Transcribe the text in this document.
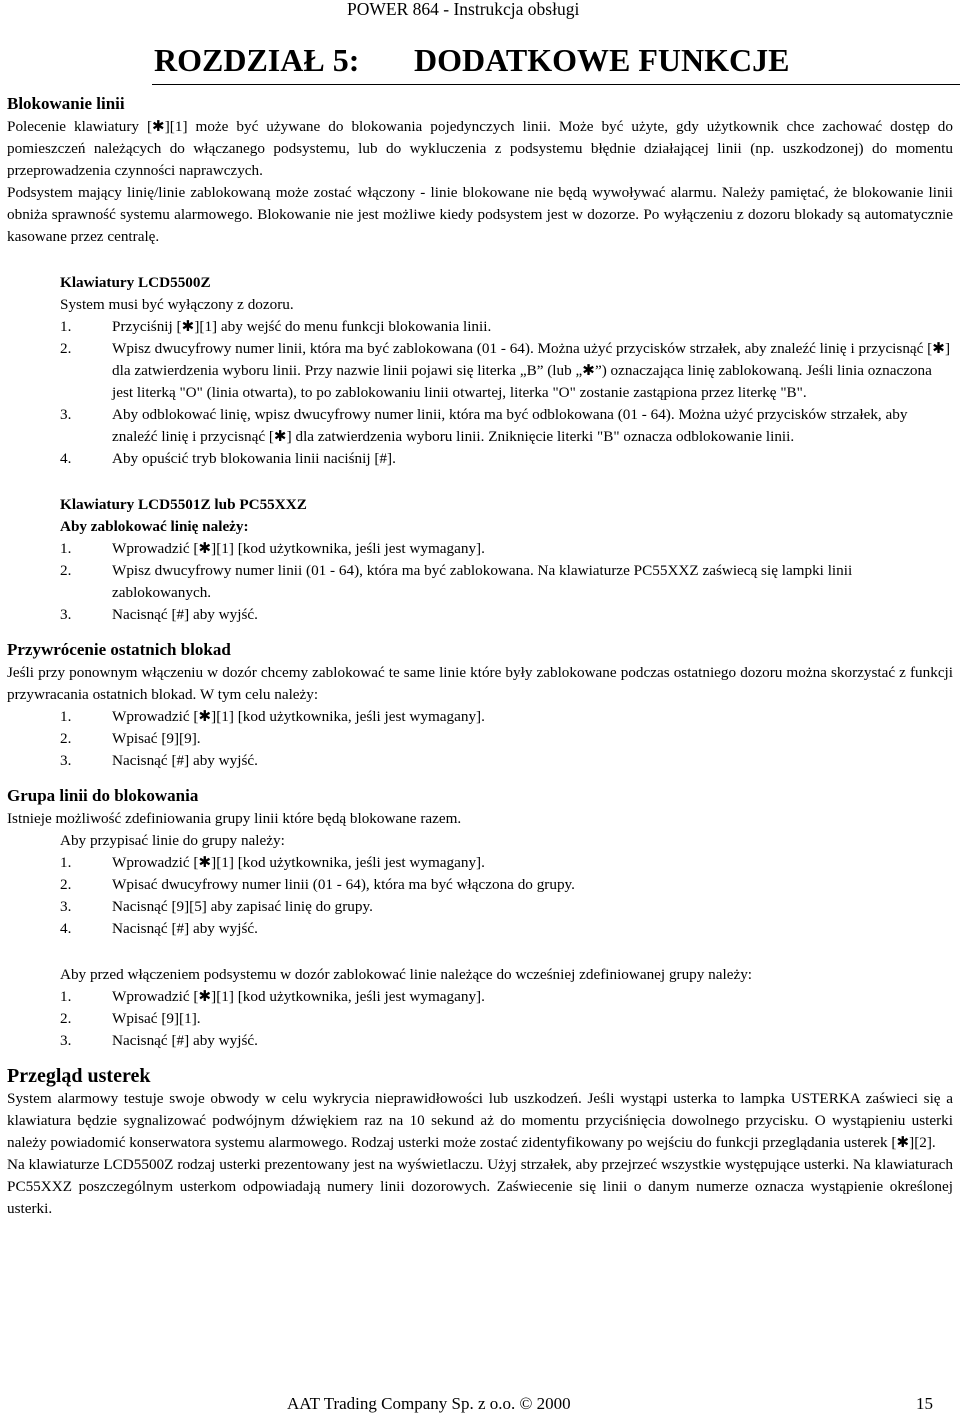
POWER 864 - Instrukcja obsługi
ROZDZIAŁ 5: DODATKOWE FUNKCJE
Blokowanie linii

Polecenie klawiatury [✱][1] może być używane do blokowania pojedynczych linii. Może być użyte, gdy użytkownik chce zachować dostęp do pomieszczeń należących do włączanego podsystemu, lub do wykluczenia z podsystemu błędnie działającej linii (np. uszkodzonej) do momentu przeprowadzenia czynności naprawczych.

Podsystem mający linię/linie zablokowaną może zostać włączony - linie blokowane nie będą wywoływać alarmu. Należy pamiętać, że blokowanie linii obniża sprawność systemu alarmowego. Blokowanie nie jest możliwe kiedy podsystem jest w dozorze. Po wyłączeniu z dozoru blokady są automatycznie kasowane przez centralę.

Klawiatury LCD5500Z
System musi być wyłączony z dozoru.
1.	Przyciśnij [✱][1] aby wejść do menu funkcji blokowania linii.
2.	Wpisz dwucyfrowy numer linii, która ma być zablokowana (01 - 64). Można użyć przycisków strzałek, aby znaleźć linię i przycisnąć [✱] dla zatwierdzenia wyboru linii. Przy nazwie linii pojawi się literka „B” (lub „✱”) oznaczająca linię zablokowaną. Jeśli linia oznaczona jest literką "O" (linia otwarta), to po zablokowaniu linii otwartej, literka "O" zostanie zastąpiona przez literkę "B".
3.	Aby odblokować linię, wpisz dwucyfrowy numer linii, która ma być odblokowana (01 - 64). Można użyć przycisków strzałek, aby znaleźć linię i przycisnąć [✱] dla zatwierdzenia wyboru linii. Zniknięcie literki "B" oznacza odblokowanie linii.
4.	Aby opuścić tryb blokowania linii naciśnij [#].
Klawiatury LCD5501Z lub PC55XXZ
Aby zablokować linię należy:
1.	Wprowadzić [✱][1] [kod użytkownika, jeśli jest wymagany].
2.	Wpisz dwucyfrowy numer linii (01 - 64), która ma być zablokowana. Na klawiaturze PC55XXZ zaświecą się lampki linii zablokowanych.
3.	Nacisnąć [#] aby wyjść.
Przywrócenie ostatnich blokad

Jeśli przy ponownym włączeniu w dozór chcemy zablokować te same linie które były zablokowane podczas ostatniego dozoru można skorzystać z funkcji przywracania ostatnich blokad. W tym celu należy:

1.	Wprowadzić [✱][1] [kod użytkownika, jeśli jest wymagany].
2.	Wpisać [9][9].
3.	Nacisnąć [#] aby wyjść.
Grupa linii do blokowania

Istnieje możliwość zdefiniowania grupy linii które będą blokowane razem.

Aby przypisać linie do grupy należy:
1.	Wprowadzić [✱][1] [kod użytkownika, jeśli jest wymagany].
2.	Wpisać dwucyfrowy numer linii (01 - 64), która ma być włączona do grupy.
3.	Nacisnąć [9][5] aby zapisać linię do grupy.
4.	Nacisnąć [#] aby wyjść.
Aby przed włączeniem podsystemu w dozór zablokować linie należące do wcześniej zdefiniowanej grupy należy:
1.	Wprowadzić [✱][1] [kod użytkownika, jeśli jest wymagany].
2.	Wpisać [9][1].
3.	Nacisnąć [#] aby wyjść.
Przegląd usterek

System alarmowy testuje swoje obwody w celu wykrycia nieprawidłowości lub uszkodzeń. Jeśli wystąpi usterka to lampka USTERKA zaświeci się a klawiatura będzie sygnalizować podwójnym dźwiękiem raz na 10 sekund aż do momentu przyciśnięcia dowolnego przycisku. O wystąpieniu usterki należy powiadomić konserwatora systemu alarmowego. Rodzaj usterki może zostać zidentyfikowany po wejściu do funkcji przeglądania usterek [✱][2].

Na klawiaturze LCD5500Z rodzaj usterki prezentowany jest na wyświetlaczu. Użyj strzałek, aby przejrzeć wszystkie występujące usterki. Na klawiaturach PC55XXZ poszczególnym usterkom odpowiadają numery linii dozorowych. Zaświecenie się linii o danym numerze oznacza wystąpienie określonej usterki.

AAT Trading Company Sp. z o.o. © 2000	15
